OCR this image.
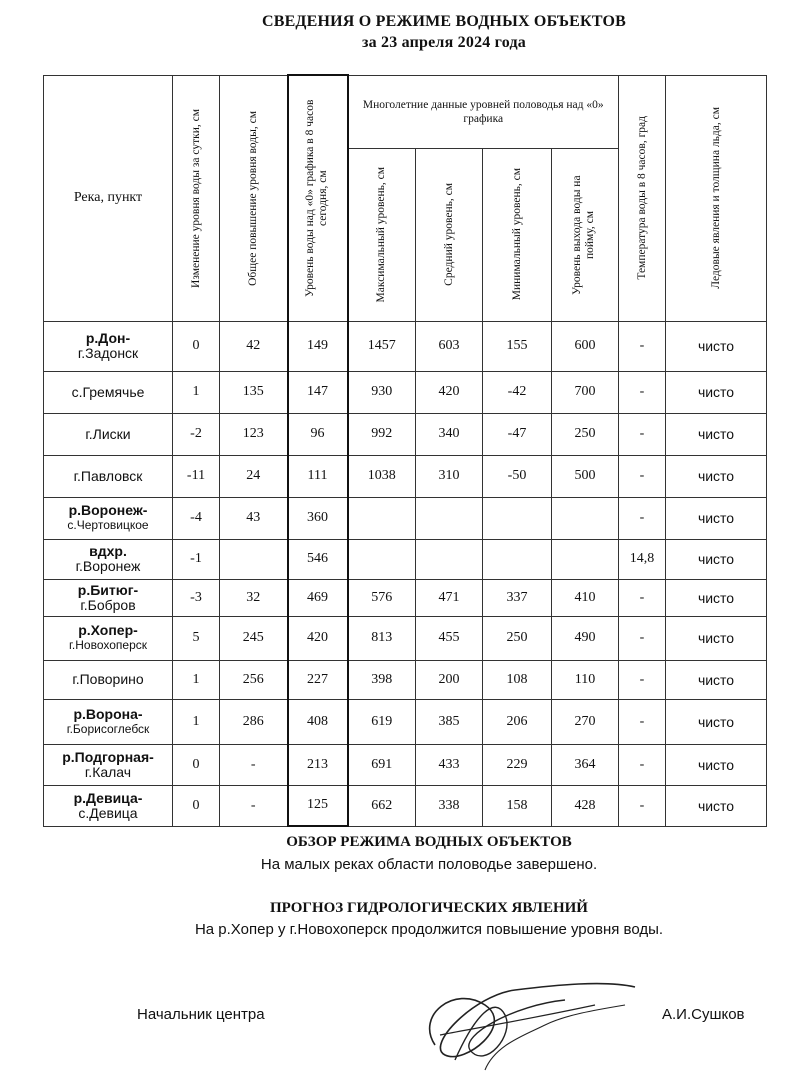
СВЕДЕНИЯ О РЕЖИМЕ ВОДНЫХ ОБЪЕКТОВ
за 23 апреля 2024 года
Река, пункт	Изменение уровня воды за сутки, см	Общее повышение уровня воды, см	Уровень воды над «0» графика в 8 часов сегодня, см	Многолетние данные уровней половодья над «0» графика				Температура воды в 8 часов, град	Ледовые явления и толщина льда, см

				Максимальный уровень, см	Средний уровень, см	Минимальный уровень, см	Уровень выхода воды на пойму, см		

р.Дон-
г.Задонск	0	42	149	1457	603	155	600	-	чисто

с.Гремячье	1	135	147	930	420	-42	700	-	чисто

г.Лиски	-2	123	96	992	340	-47	250	-	чисто

г.Павловск	-11	24	111	1038	310	-50	500	-	чисто

р.Воронеж-
с.Чертовицкое	-4	43	360					-	чисто

вдхр.
г.Воронеж	-1		546					14,8	чисто

р.Битюг-
г.Бобров	-3	32	469	576	471	337	410	-	чисто

р.Хопер-
г.Новохоперск	5	245	420	813	455	250	490	-	чисто

г.Поворино	1	256	227	398	200	108	110	-	чисто

р.Ворона-
г.Борисоглебск	1	286	408	619	385	206	270	-	чисто

р.Подгорная-
г.Калач	0	-	213	691	433	229	364	-	чисто

р.Девица-
с.Девица	0	-	125	662	338	158	428	-	чисто
ОБЗОР РЕЖИМА ВОДНЫХ ОБЪЕКТОВ
На малых реках области половодье завершено.
ПРОГНОЗ ГИДРОЛОГИЧЕСКИХ ЯВЛЕНИЙ
На р.Хопер у г.Новохоперск продолжится повышение уровня воды.
Начальник центра	А.И.Сушков
